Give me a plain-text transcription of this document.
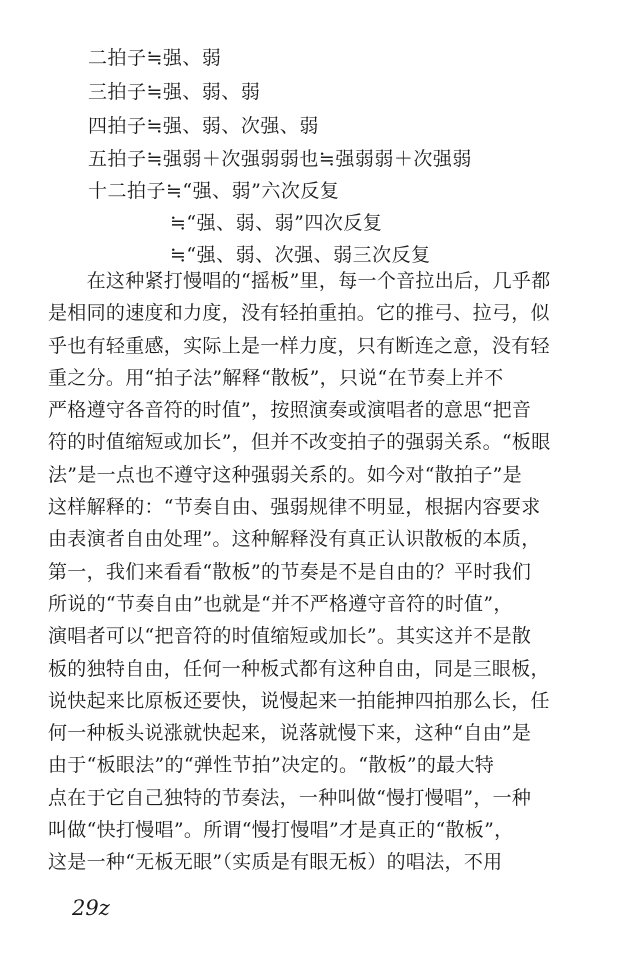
二拍子≒强、弱
三拍子≒强、弱、弱
四拍子≒强、弱、次强、弱
五拍子≒强弱＋次强弱弱也≒强弱弱＋次强弱
十二拍子≒“强、弱”六次反复
≒“强、弱、弱”四次反复
≒“强、弱、次强、弱三次反复
　　在这种紧打慢唱的“摇板”里，每一个音拉出后，几乎都
是相同的速度和力度，没有轻拍重拍。它的推弓、拉弓，似
乎也有轻重感，实际上是一样力度，只有断连之意，没有轻
重之分。用“拍子法”解释“散板”，只说“在节奏上并不
严格遵守各音符的时值”，按照演奏或演唱者的意思“把音
符的时值缩短或加长”，但并不改变拍子的强弱关系。“板眼
法”是一点也不遵守这种强弱关系的。如今对“散拍子”是
这样解释的：“节奏自由、强弱规律不明显，根据内容要求
由表演者自由处理”。这种解释没有真正认识散板的本质，
第一，我们来看看“散板”的节奏是不是自由的？平时我们
所说的“节奏自由”也就是“并不严格遵守音符的时值”，
演唱者可以“把音符的时值缩短或加长”。其实这并不是散
板的独特自由，任何一种板式都有这种自由，同是三眼板，
说快起来比原板还要快，说慢起来一拍能抻四拍那么长，任
何一种板头说涨就快起来，说落就慢下来，这种“自由”是
由于“板眼法”的“弹性节拍”决定的。“散板”的最大特
点在于它自己独特的节奏法，一种叫做“慢打慢唱”，一种
叫做“快打慢唱”。所谓“慢打慢唱”才是真正的“散板”，
这是一种“无板无眼”（实质是有眼无板）的唱法，不用
29z
